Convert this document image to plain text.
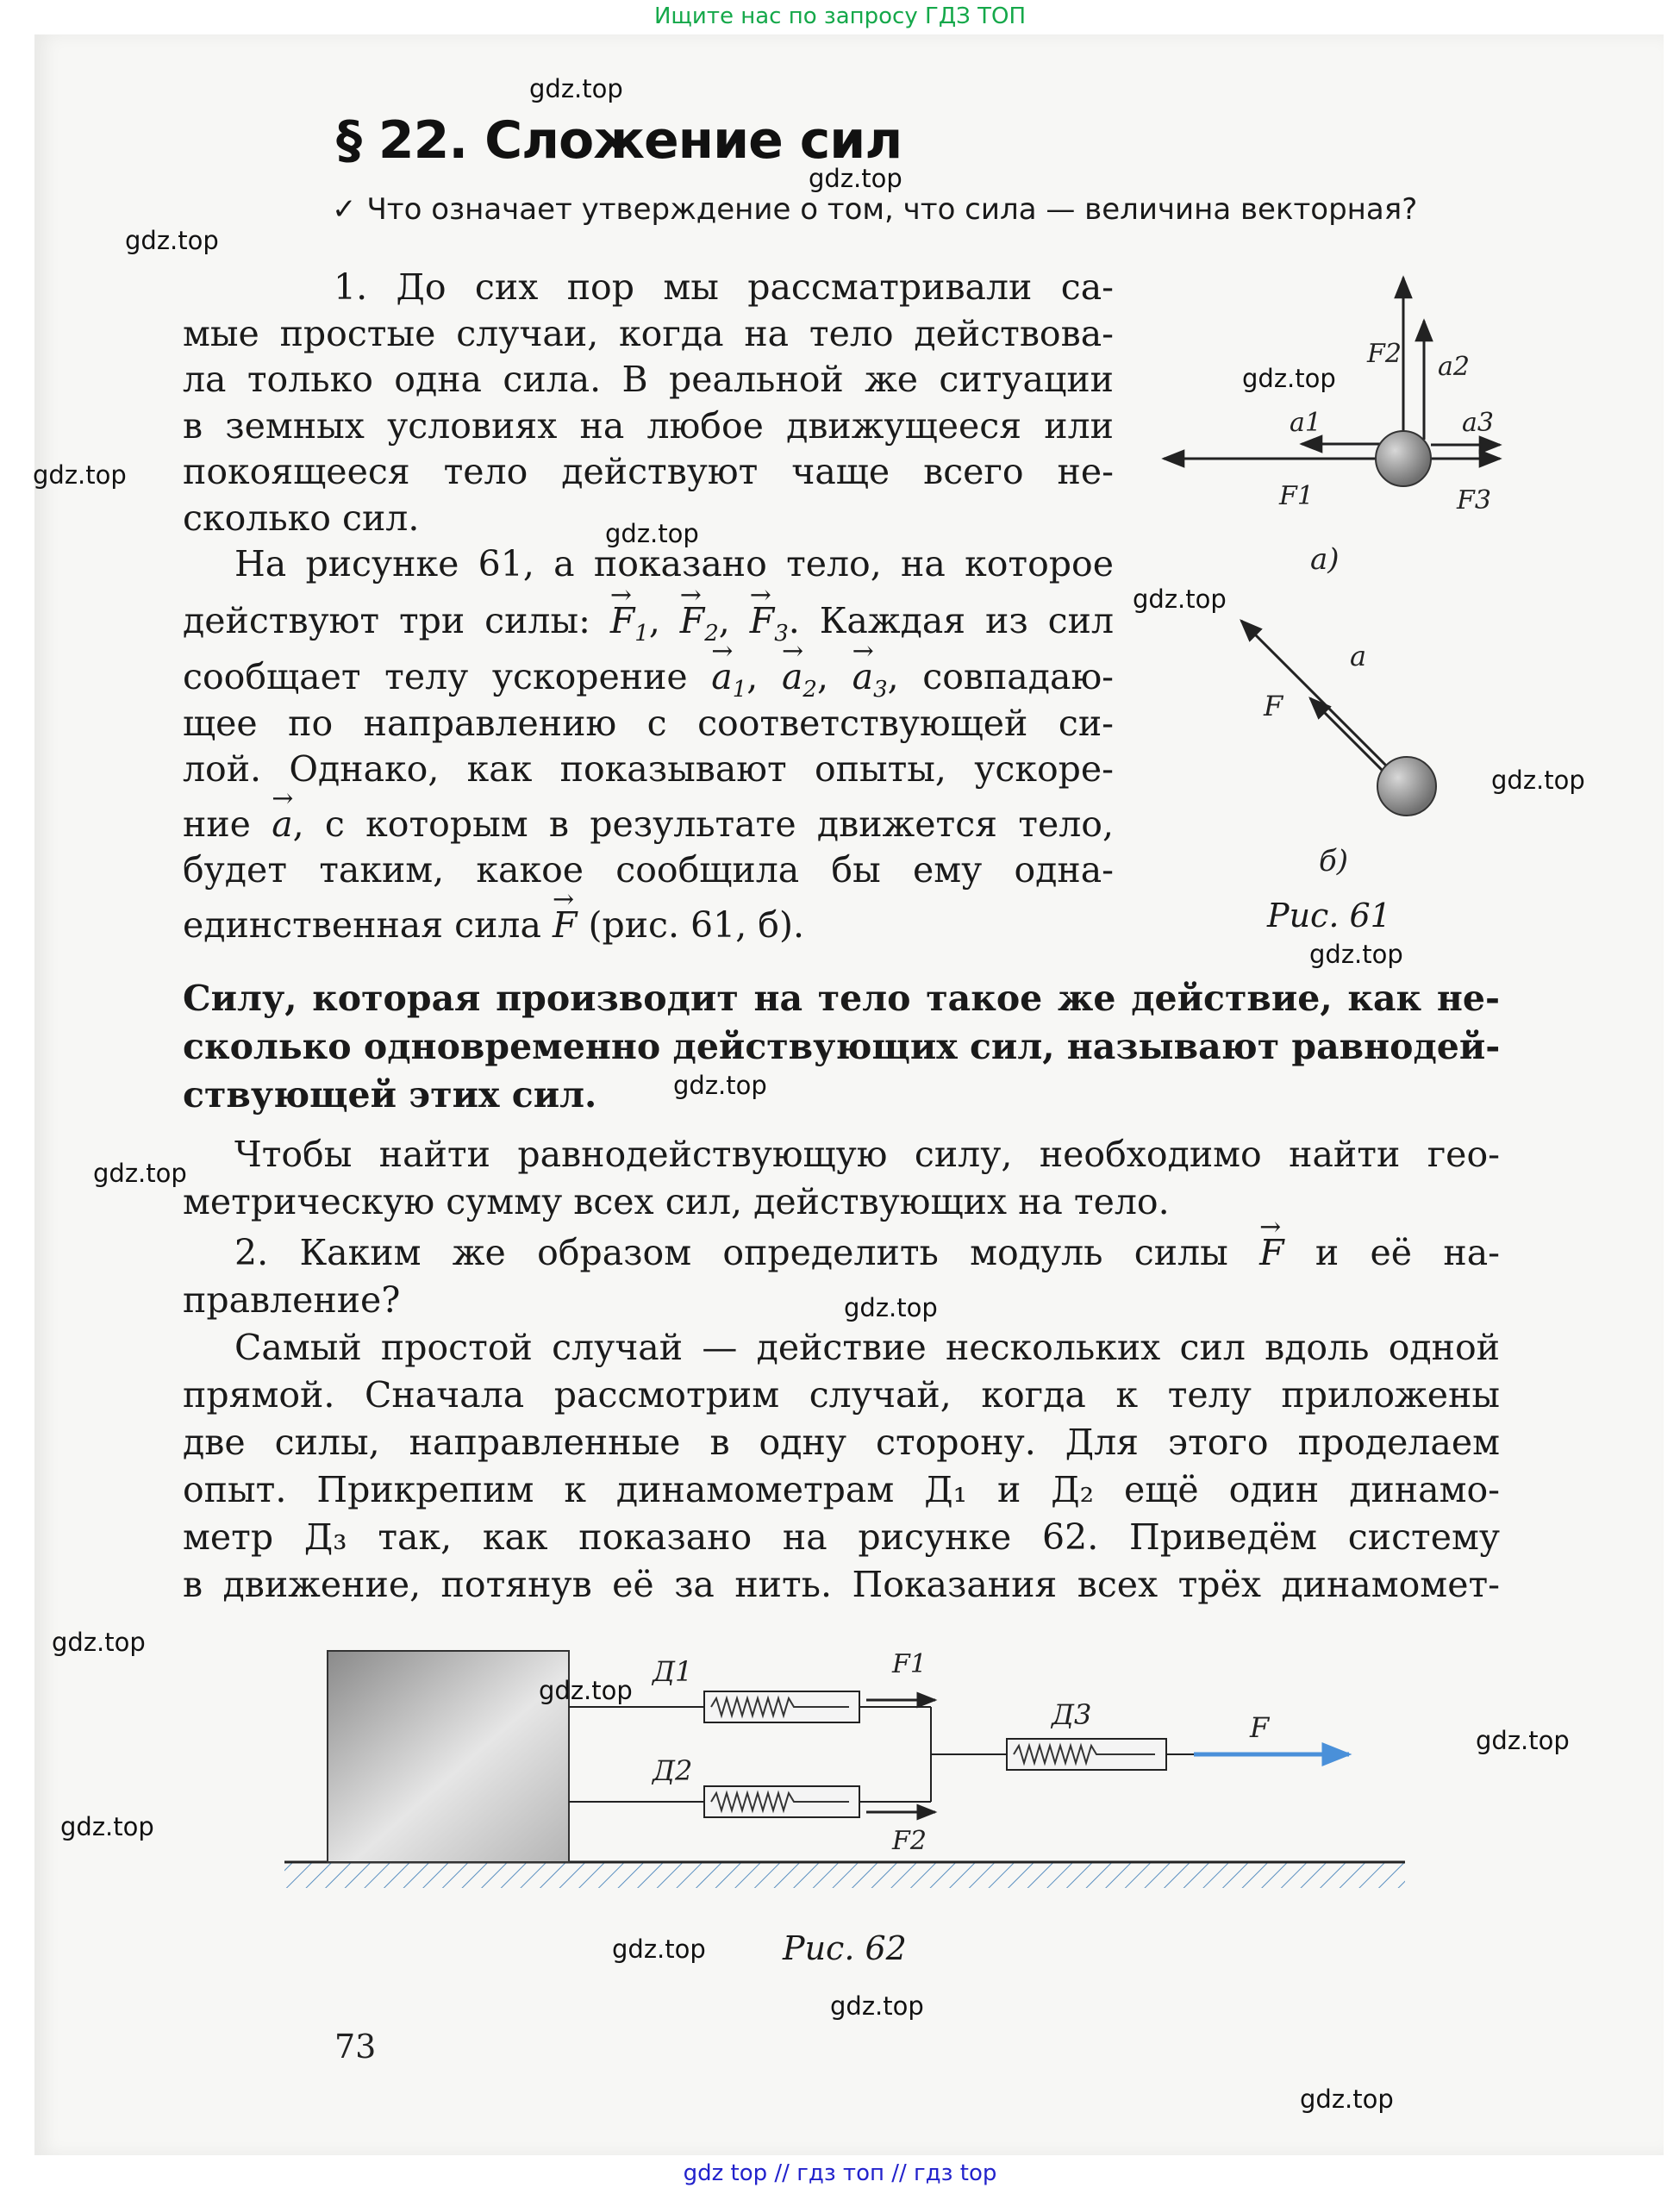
Ищите нас по запросу ГДЗ ТОП
§ 22. Сложение сил
✓ Что означает утверждение о том, что сила — величина векторная?
1. До сих пор мы рассматривали са-
мые простые случаи, когда на тело действова-
ла только одна сила. В реальной же ситуации
в земных условиях на любое движущееся или
покоящееся тело действуют чаще всего не-
сколько сил.
На рисунке 61, а показано тело, на которое
действуют три силы: → $F_1$, → $F_2$, → $F_3$. Каждая из сил
сообщает телу ускорение → $a_1$, → $a_2$, → $a_3$, совпадаю-
щее по направлению с соответствующей си-
лой. Однако, как показывают опыты, ускоре-
ние → a, с которым в результате движется тело,
будет таким, какое сообщила бы ему одна-
единственная сила → F (рис. 61, б).
Силу, которая производит на тело такое же действие, как не-
сколько одновременно действующих сил, называют равнодей-
ствующей этих сил.
Чтобы найти равнодействующую силу, необходимо найти гео-
метрическую сумму всех сил, действующих на тело.
2. Каким же образом определить модуль силы → F и её на-
правление?
Самый простой случай — действие нескольких сил вдоль одной
прямой. Сначала рассмотрим случай, когда к телу приложены
две силы, направленные в одну сторону. Для этого проделаем
опыт. Прикрепим к динамометрам Д₁ и Д₂ ещё один динамо-
метр Д₃ так, как показано на рисунке 62. Приведём систему
в движение, потянув её за нить. Показания всех трёх динамомет-
F2 a2
a1	a3
F1	F3
а)
F
a
б)
Рис. 61
Д1
Д2
Д3
F1
F2
F
Рис. 62
73
gdz.top
gdz.top
gdz.top
gdz.top
gdz.top
gdz.top
gdz.top
gdz.top
gdz.top
gdz.top
gdz.top
gdz.top
gdz.top
gdz.top
gdz.top
gdz.top
gdz.top
gdz.top
gdz.top
gdz top // гдз топ // гдз top
